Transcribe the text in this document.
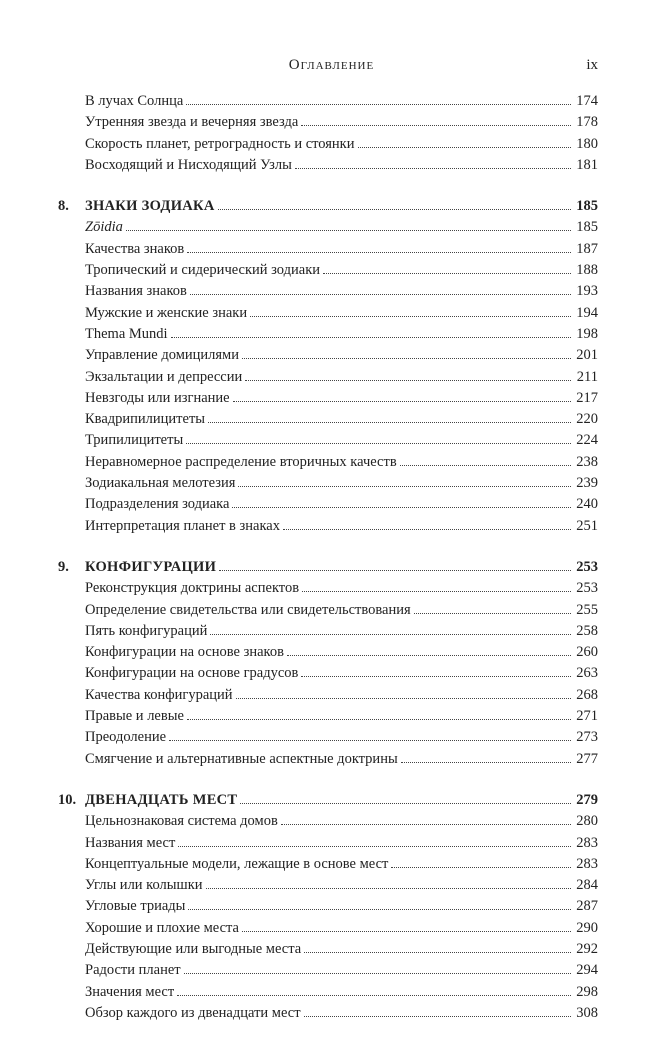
Оглавление	ix
В лучах Солнца	174
Утренняя звезда и вечерняя звезда	178
Скорость планет, ретроградность и стоянки	180
Восходящий и Нисходящий Узлы	181
8.	ЗНАКИ ЗОДИАКА	185
Zōidia	185
Качества знаков	187
Тропический и сидерический зодиаки	188
Названия знаков	193
Мужские и женские знаки	194
Thema Mundi	198
Управление домицилями	201
Экзальтации и депрессии	211
Невзгоды или изгнание	217
Квадрипилицитеты	220
Трипилицитеты	224
Неравномерное распределение вторичных качеств	238
Зодиакальная мелотезия	239
Подразделения зодиака	240
Интерпретация планет в знаках	251
9.	КОНФИГУРАЦИИ	253
Реконструкция доктрины аспектов	253
Определение свидетельства или свидетельствования	255
Пять конфигураций	258
Конфигурации на основе знаков	260
Конфигурации на основе градусов	263
Качества конфигураций	268
Правые и левые	271
Преодоление	273
Смягчение и альтернативные аспектные доктрины	277
10. ДВЕНАДЦАТЬ МЕСТ	279
Цельнознаковая система домов	280
Названия мест	283
Концептуальные модели, лежащие в основе мест	283
Углы или колышки	284
Угловые триады	287
Хорошие и плохие места	290
Действующие или выгодные места	292
Радости планет	294
Значения мест	298
Обзор каждого из двенадцати мест	308
